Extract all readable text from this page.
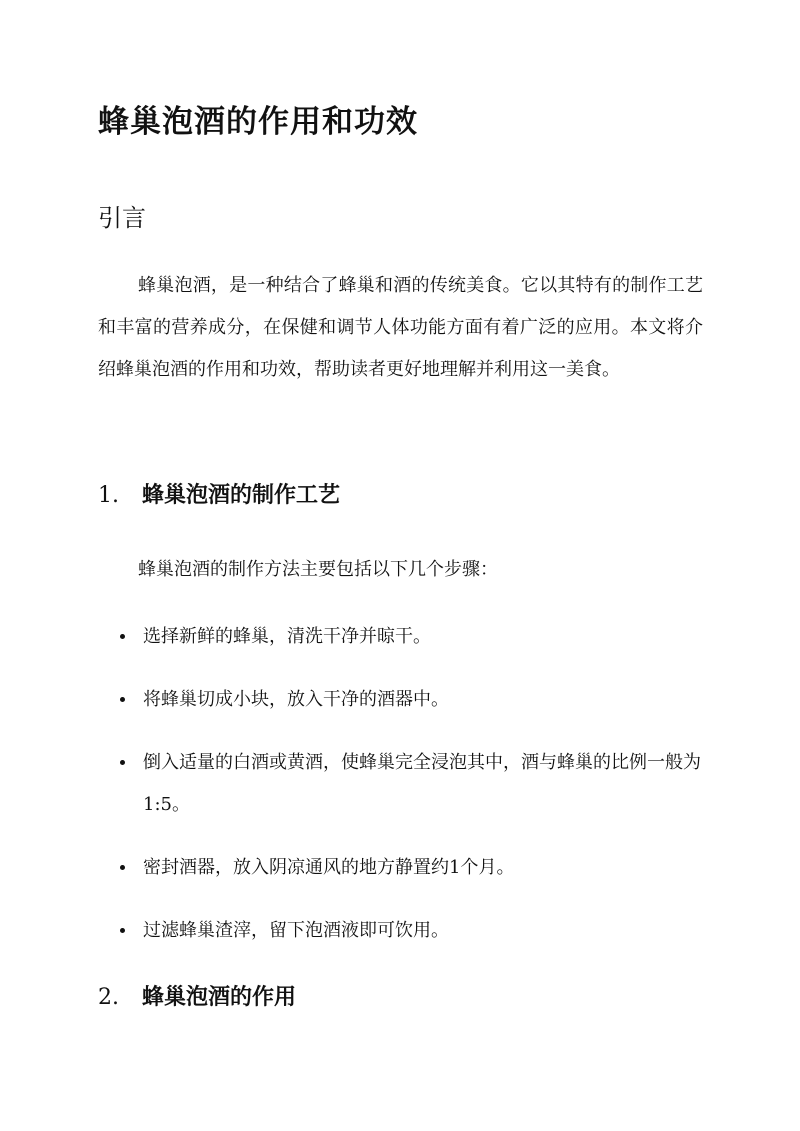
蜂巢泡酒的作用和功效
引言
蜂巢泡酒，是一种结合了蜂巢和酒的传统美食。它以其特有的制作工艺和丰富的营养成分，在保健和调节人体功能方面有着广泛的应用。本文将介绍蜂巢泡酒的作用和功效，帮助读者更好地理解并利用这一美食。
1. 蜂巢泡酒的制作工艺
蜂巢泡酒的制作方法主要包括以下几个步骤：
选择新鲜的蜂巢，清洗干净并晾干。
将蜂巢切成小块，放入干净的酒器中。
倒入适量的白酒或黄酒，使蜂巢完全浸泡其中，酒与蜂巢的比例一般为1:5。
密封酒器，放入阴凉通风的地方静置约1个月。
过滤蜂巢渣滓，留下泡酒液即可饮用。
2. 蜂巢泡酒的作用
